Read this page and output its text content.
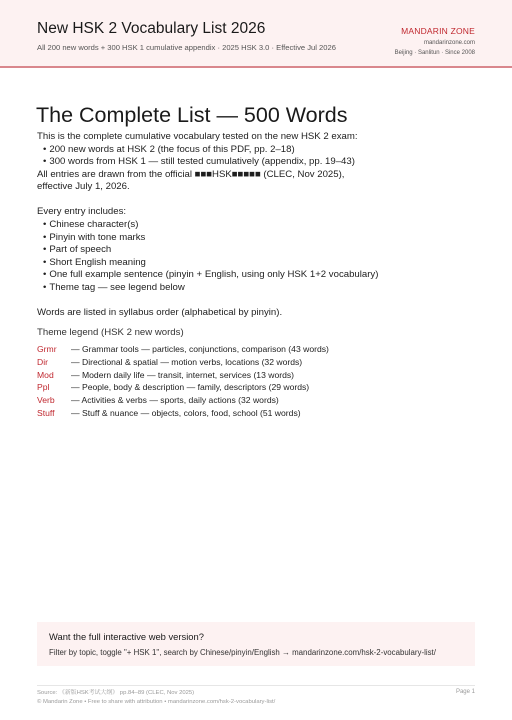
New HSK 2 Vocabulary List 2026
All 200 new words + 300 HSK 1 cumulative appendix · 2025 HSK 3.0 · Effective Jul 2026
MANDARIN ZONE
mandarinzone.com
Beijing · Sanlitun · Since 2008
The Complete List — 500 Words

This is the complete cumulative vocabulary tested on the new HSK 2 exam:

• 200 new words at HSK 2 (the focus of this PDF, pp. 2–18)

• 300 words from HSK 1 — still tested cumulatively (appendix, pp. 19–43)

All entries are drawn from the official ■■■HSK■■■■■ (CLEC, Nov 2025),

effective July 1, 2026.

Every entry includes:

• Chinese character(s)

• Pinyin with tone marks

• Part of speech

• Short English meaning

• One full example sentence (pinyin + English, using only HSK 1+2 vocabulary)

• Theme tag — see legend below

Words are listed in syllabus order (alphabetical by pinyin).

Theme legend (HSK 2 new words)
Grmr — Grammar tools — particles, conjunctions, comparison (43 words)
Dir	— Directional & spatial — motion verbs, locations (32 words)
Mod — Modern daily life — transit, internet, services (13 words)
Ppl	— People, body & description — family, descriptors (29 words)
Verb — Activities & verbs — sports, daily actions (32 words)
Stuff — Stuff & nuance — objects, colors, food, school (51 words)
Want the full interactive web version?
Filter by topic, toggle "+ HSK 1", search by Chinese/pinyin/English → mandarinzone.com/hsk-2-vocabulary-list/
Source: 《新版HSK考试大纲》 pp.84–89 (CLEC, Nov 2025)
© Mandarin Zone • Free to share with attribution • mandarinzone.com/hsk-2-vocabulary-list/
Page 1
